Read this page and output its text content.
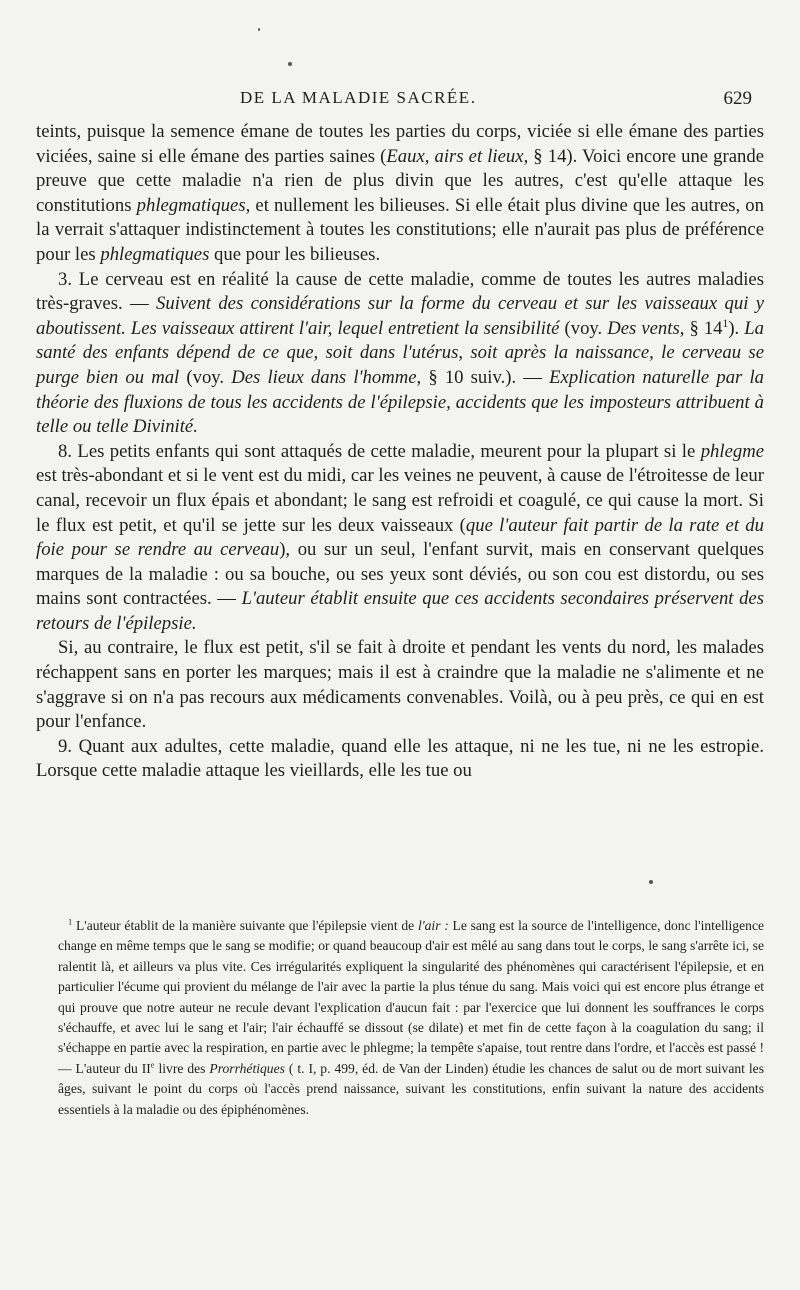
DE LA MALADIE SACRÉE.	629

teints, puisque la semence émane de toutes les parties du corps, viciée si elle émane des parties viciées, saine si elle émane des parties saines (Eaux, airs et lieux, § 14). Voici encore une grande preuve que cette maladie n'a rien de plus divin que les autres, c'est qu'elle attaque les constitutions phlegmatiques, et nullement les bilieuses. Si elle était plus divine que les autres, on la verrait s'attaquer indistinctement à toutes les constitutions; elle n'aurait pas plus de préférence pour les phlegmatiques que pour les bilieuses.

3. Le cerveau est en réalité la cause de cette maladie, comme de toutes les autres maladies très-graves. — Suivent des considérations sur la forme du cerveau et sur les vaisseaux qui y aboutissent. Les vaisseaux attirent l'air, lequel entretient la sensibilité (voy. Des vents, § $14^1$). La santé des enfants dépend de ce que, soit dans l'utérus, soit après la naissance, le cerveau se purge bien ou mal (voy. Des lieux dans l'homme, § 10 suiv.). — Explication naturelle par la théorie des fluxions de tous les accidents de l'épilepsie, accidents que les imposteurs attribuent à telle ou telle Divinité.

8. Les petits enfants qui sont attaqués de cette maladie, meurent pour la plupart si le phlegme est très-abondant et si le vent est du midi, car les veines ne peuvent, à cause de l'étroitesse de leur canal, recevoir un flux épais et abondant; le sang est refroidi et coagulé, ce qui cause la mort. Si le flux est petit, et qu'il se jette sur les deux vaisseaux (que l'auteur fait partir de la rate et du foie pour se rendre au cerveau), ou sur un seul, l'enfant survit, mais en conservant quelques marques de la maladie : ou sa bouche, ou ses yeux sont déviés, ou son cou est distordu, ou ses mains sont contractées. — L'auteur établit ensuite que ces accidents secondaires préservent des retours de l'épilepsie.

Si, au contraire, le flux est petit, s'il se fait à droite et pendant les vents du nord, les malades réchappent sans en porter les marques; mais il est à craindre que la maladie ne s'alimente et ne s'aggrave si on n'a pas recours aux médicaments convenables. Voilà, ou à peu près, ce qui en est pour l'enfance.

9. Quant aux adultes, cette maladie, quand elle les attaque, ni ne les tue, ni ne les estropie. Lorsque cette maladie attaque les vieillards, elle les tue ou

$^1$ L'auteur établit de la manière suivante que l'épilepsie vient de l'air : Le sang est la source de l'intelligence, donc l'intelligence change en même temps que le sang se modifie; or quand beaucoup d'air est mêlé au sang dans tout le corps, le sang s'arrête ici, se ralentit là, et ailleurs va plus vite. Ces irrégularités expliquent la singularité des phénomènes qui caractérisent l'épilepsie, et en particulier l'écume qui provient du mélange de l'air avec la partie la plus ténue du sang. Mais voici qui est encore plus étrange et qui prouve que notre auteur ne recule devant l'explication d'aucun fait : par l'exercice que lui donnent les souffrances le corps s'échauffe, et avec lui le sang et l'air; l'air échauffé se dissout (se dilate) et met fin de cette façon à la coagulation du sang; il s'échappe en partie avec la respiration, en partie avec le phlegme; la tempête s'apaise, tout rentre dans l'ordre, et l'accès est passé ! — L'auteur du IIe livre des Prorrhétiques ( t. I, p. 499, éd. de Van der Linden) étudie les chances de salut ou de mort suivant les âges, suivant le point du corps où l'accès prend naissance, suivant les constitutions, enfin suivant la nature des accidents essentiels à la maladie ou des épiphénomènes.
